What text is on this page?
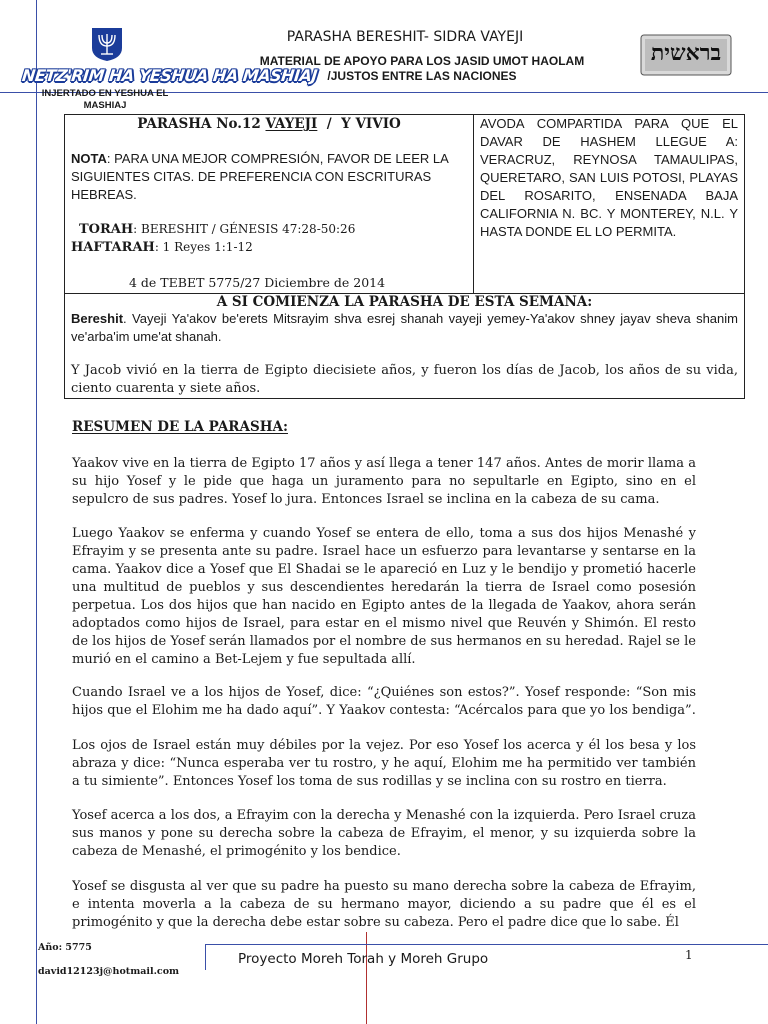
NETZ'RIM HA YESHUA HA MASHIAJ
INJERTADO EN YESHUA EL MASHIAJ
PARASHA BERESHIT- SIDRA VAYEJI
MATERIAL DE APOYO PARA LOS JASID UMOT HAOLAM
/JUSTOS ENTRE LAS NACIONES
בראשית
PARASHA No.12 VAYEJI / Y VIVIO
NOTA: PARA UNA MEJOR COMPRESIÓN, FAVOR DE LEER LA SIGUIENTES CITAS. DE PREFERENCIA CON ESCRITURAS HEBREAS.
TORAH: BERESHIT / GÉNESIS 47:28-50:26
HAFTARAH: 1 Reyes 1:1-12
4 de TEBET 5775/27 Diciembre de 2014

AVODA COMPARTIDA PARA QUE EL DAVAR DE HASHEM LLEGUE A: VERACRUZ, REYNOSA TAMAULIPAS, QUERETARO, SAN LUIS POTOSI, PLAYAS DEL ROSARITO, ENSENADA BAJA CALIFORNIA N. BC. Y MONTEREY, N.L. Y HASTA DONDE EL LO PERMITA.

A SI COMIENZA LA PARASHA DE ESTA SEMANA:
Bereshit. Vayeji Ya'akov be'erets Mitsrayim shva esrej shanah vayeji yemey-Ya'akov shney jayav sheva shanim ve'arba'im ume'at shanah.
Y Jacob vivió en la tierra de Egipto diecisiete años, y fueron los días de Jacob, los años de su vida, ciento cuarenta y siete años.
RESUMEN DE LA PARASHA:
Yaakov vive en la tierra de Egipto 17 años y así llega a tener 147 años. Antes de morir llama a su hijo Yosef y le pide que haga un juramento para no sepultarle en Egipto, sino en el sepulcro de sus padres. Yosef lo jura. Entonces Israel se inclina en la cabeza de su cama.
Luego Yaakov se enferma y cuando Yosef se entera de ello, toma a sus dos hijos Menashé y Efrayim y se presenta ante su padre. Israel hace un esfuerzo para levantarse y sentarse en la cama. Yaakov dice a Yosef que El Shadai se le apareció en Luz y le bendijo y prometió hacerle una multitud de pueblos y sus descendientes heredarán la tierra de Israel como posesión perpetua. Los dos hijos que han nacido en Egipto antes de la llegada de Yaakov, ahora serán adoptados como hijos de Israel, para estar en el mismo nivel que Reuvén y Shimón. El resto de los hijos de Yosef serán llamados por el nombre de sus hermanos en su heredad. Rajel se le murió en el camino a Bet-Lejem y fue sepultada allí.
Cuando Israel ve a los hijos de Yosef, dice: “¿Quiénes son estos?”. Yosef responde: “Son mis hijos que el Elohim me ha dado aquí”. Y Yaakov contesta: “Acércalos para que yo los bendiga”.
Los ojos de Israel están muy débiles por la vejez. Por eso Yosef los acerca y él los besa y los abraza y dice: “Nunca esperaba ver tu rostro, y he aquí, Elohim me ha permitido ver también a tu simiente”. Entonces Yosef los toma de sus rodillas y se inclina con su rostro en tierra.
Yosef acerca a los dos, a Efrayim con la derecha y Menashé con la izquierda. Pero Israel cruza sus manos y pone su derecha sobre la cabeza de Efrayim, el menor, y su izquierda sobre la cabeza de Menashé, el primogénito y los bendice.
Yosef se disgusta al ver que su padre ha puesto su mano derecha sobre la cabeza de Efrayim, e intenta moverla a la cabeza de su hermano mayor, diciendo a su padre que él es el primogénito y que la derecha debe estar sobre su cabeza. Pero el padre dice que lo sabe. Él
Año: 5775
david12123j@hotmail.com
Proyecto Moreh Torah y Moreh Grupo	1
